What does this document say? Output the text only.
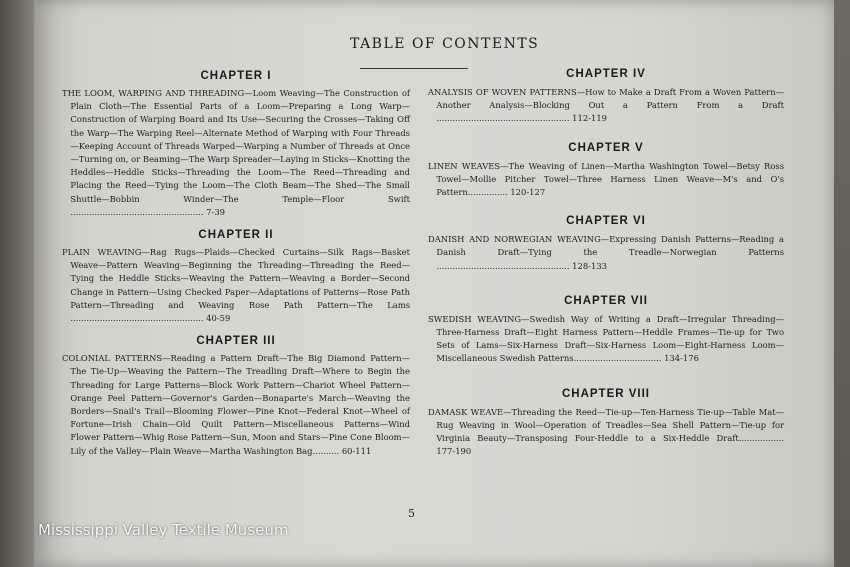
TABLE OF CONTENTS
CHAPTER I
THE LOOM, WARPING AND THREADING—Loom Weaving—The Construction of Plain Cloth—The Essential Parts of a Loom—Preparing a Long Warp—Construction of Warping Board and Its Use—Securing the Crosses—Taking Off the Warp—The Warping Reel—Alternate Method of Warping with Four Threads—Keeping Account of Threads Warped—Warping a Number of Threads at Once—Turning on, or Beaming—The Warp Spreader—Laying in Sticks—Knotting the Heddles—Heddle Sticks—Threading the Loom—The Reed—Threading and Placing the Reed—Tying the Loom—The Cloth Beam—The Shed—The Small Shuttle—Bobbin Winder—The Temple—Floor Swift .................................................. 7-39
CHAPTER II
PLAIN WEAVING—Rag Rugs—Plaids—Checked Curtains—Silk Rags—Basket Weave—Pattern Weaving—Beginning the Threading—Threading the Reed—Tying the Heddle Sticks—Weaving the Pattern—Weaving a Border—Second Change in Pattern—Using Checked Paper—Adaptations of Patterns—Rose Path Pattern—Threading and Weaving Rose Path Pattern—The Lams .................................................. 40-59
CHAPTER III
COLONIAL PATTERNS—Reading a Pattern Draft—The Big Diamond Pattern—The Tie-Up—Weaving the Pattern—The Treadling Draft—Where to Begin the Threading for Large Patterns—Block Work Pattern—Chariot Wheel Pattern—Orange Peel Pattern—Governor's Garden—Bonaparte's March—Weaving the Borders—Snail's Trail—Blooming Flower—Pine Knot—Federal Knot—Wheel of Fortune—Irish Chain—Old Quilt Pattern—Miscellaneous Patterns—Wind Flower Pattern—Whig Rose Pattern—Sun, Moon and Stars—Pine Cone Bloom—Lily of the Valley—Plain Weave—Martha Washington Bag.......... 60-111
CHAPTER IV
ANALYSIS OF WOVEN PATTERNS—How to Make a Draft From a Woven Pattern—Another Analysis—Blocking Out a Pattern From a Draft .................................................. 112-119
CHAPTER V
LINEN WEAVES—The Weaving of Linen—Martha Washington Towel—Betsy Ross Towel—Mollie Pitcher Towel—Three Harness Linen Weave—M's and O's Pattern............... 120-127
CHAPTER VI
DANISH AND NORWEGIAN WEAVING—Expressing Danish Patterns—Reading a Danish Draft—Tying the Treadle—Norwegian Patterns .................................................. 128-133
CHAPTER VII
SWEDISH WEAVING—Swedish Way of Writing a Draft—Irregular Threading—Three-Harness Draft—Eight Harness Pattern—Heddle Frames—Tie-up for Two Sets of Lams—Six-Harness Draft—Six-Harness Loom—Eight-Harness Loom—Miscellaneous Swedish Patterns................................. 134-176
CHAPTER VIII
DAMASK WEAVE—Threading the Reed—Tie-up—Ten-Harness Tie-up—Table Mat—Rug Weaving in Wool—Operation of Treadles—Sea Shell Pattern—Tie-up for Virginia Beauty—Transposing Four-Heddle to a Six-Heddle Draft................. 177-190
5
Mississippi Valley Textile Museum
